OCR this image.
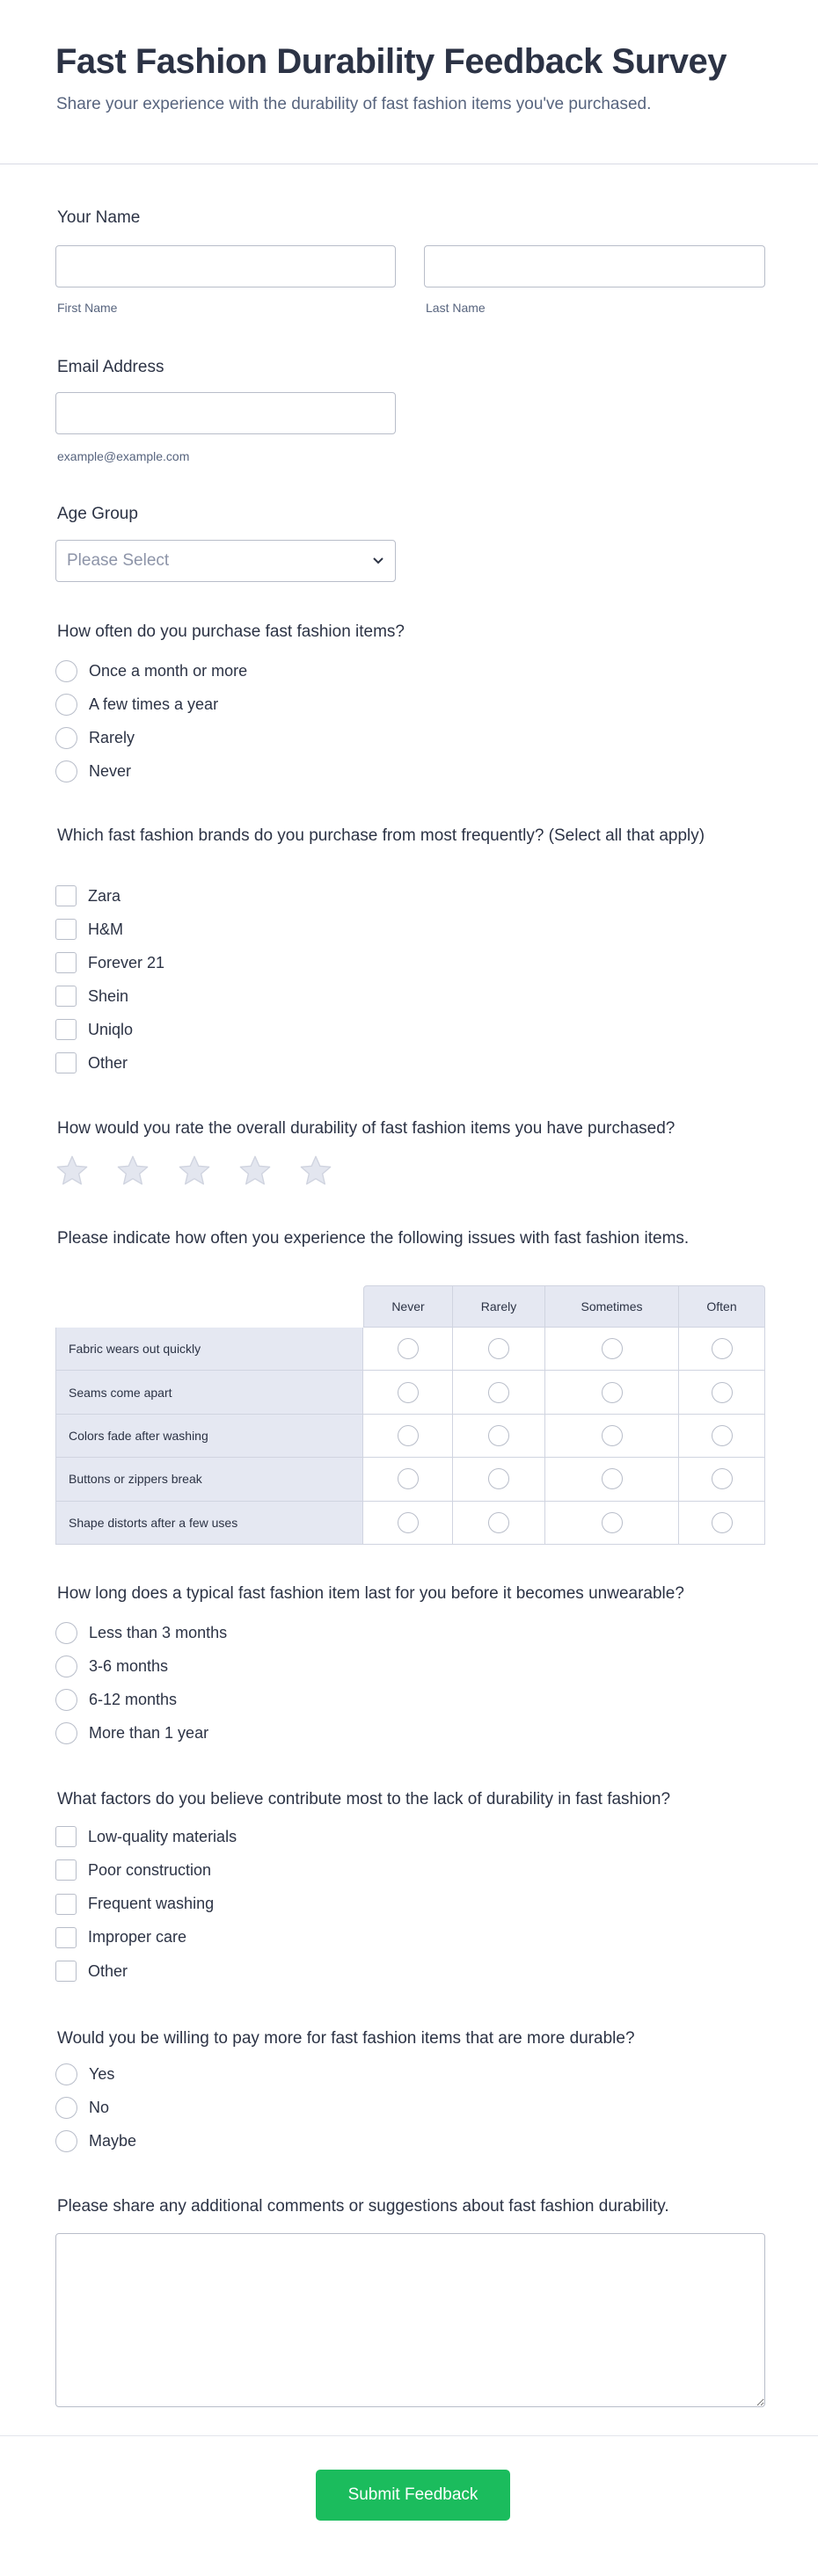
Fast Fashion Durability Feedback Survey
Share your experience with the durability of fast fashion items you've purchased.
Your Name
First Name	Last Name
Email Address
example@example.com
Age Group
Please Select
How often do you purchase fast fashion items?
Once a month or more
A few times a year
Rarely
Never
Which fast fashion brands do you purchase from most frequently? (Select all that apply)
Zara
H&M
Forever 21
Shein
Uniqlo
Other
How would you rate the overall durability of fast fashion items you have purchased?
Please indicate how often you experience the following issues with fast fashion items.
	Never	Rarely	Sometimes	Often
Fabric wears out quickly				
Seams come apart				
Colors fade after washing				
Buttons or zippers break				
Shape distorts after a few uses				
How long does a typical fast fashion item last for you before it becomes unwearable?
Less than 3 months
3-6 months
6-12 months
More than 1 year
What factors do you believe contribute most to the lack of durability in fast fashion?
Low-quality materials
Poor construction
Frequent washing
Improper care
Other
Would you be willing to pay more for fast fashion items that are more durable?
Yes
No
Maybe
Please share any additional comments or suggestions about fast fashion durability.
Submit Feedback
